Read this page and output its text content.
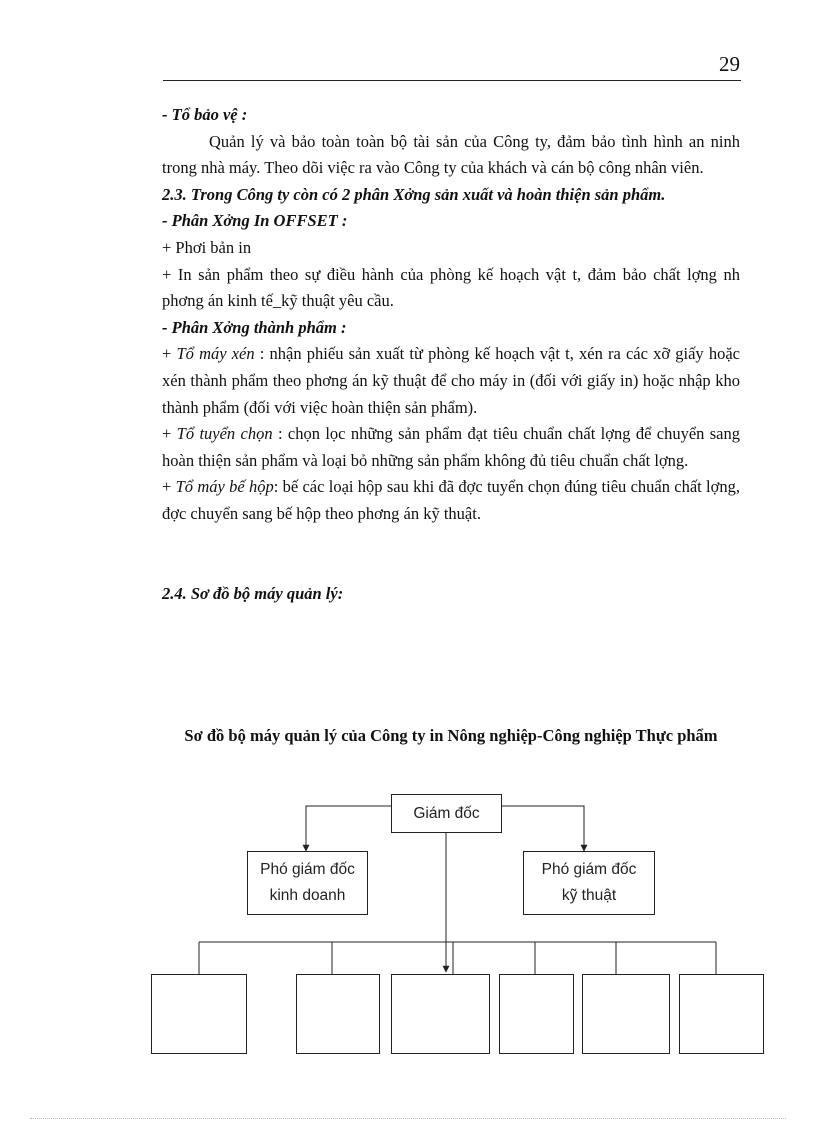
29

- Tổ bảo vệ :

Quản lý và bảo toàn toàn bộ tài sản của Công ty, đảm bảo tình hình an ninh trong nhà máy. Theo dõi việc ra vào Công ty của khách và cán bộ công nhân viên.

2.3. Trong Công ty còn có 2 phân Xởng sản xuất và hoàn thiện sản phẩm.

- Phân Xởng In OFFSET :

+ Phơi bản in

+ In sản phẩm theo sự điều hành của phòng kế hoạch vật t, đảm bảo chất lợng nh phơng án kinh tế_kỹ thuật yêu cầu.

- Phân Xởng thành phẩm :

+ Tổ máy xén : nhận phiếu sản xuất từ phòng kế hoạch vật t, xén ra các xỡ giấy hoặc xén thành phẩm theo phơng án kỹ thuật để cho máy in (đối với giấy in) hoặc nhập kho thành phẩm (đối với việc hoàn thiện sản phẩm).

+ Tổ tuyển chọn : chọn lọc những sản phẩm đạt tiêu chuẩn chất lợng để chuyển sang hoàn thiện sản phẩm và loại bỏ những sản phẩm không đủ tiêu chuẩn chất lợng.

+ Tổ máy bế hộp: bế các loại hộp sau khi đã đợc tuyển chọn đúng tiêu chuẩn chất lợng, đợc chuyển sang bế hộp theo phơng án kỹ thuật.

2.4. Sơ đồ bộ máy quản lý:

Sơ đồ bộ máy quản lý của Công ty in Nông nghiệp-Công nghiệp Thực phẩm
Giám đốc
Phó giám đốc
kinh doanh
Phó giám đốc
kỹ thuật
